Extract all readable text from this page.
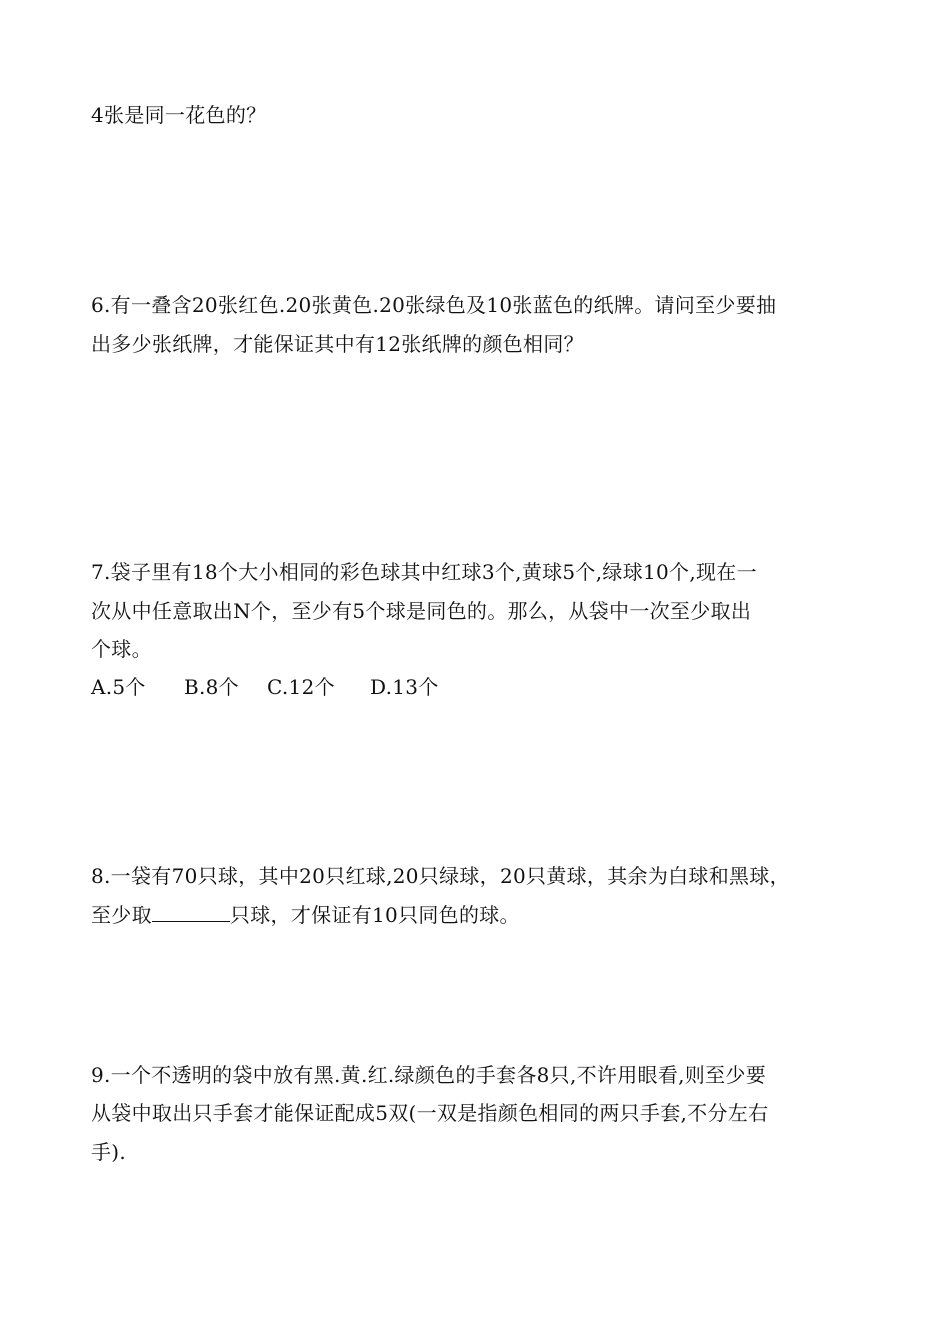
4张是同一花色的？
6.有一叠含20张红色.20张黄色.20张绿色及10张蓝色的纸牌。请问至少要抽
出多少张纸牌，才能保证其中有12张纸牌的颜色相同？
7.袋子里有18个大小相同的彩色球其中红球3个,黄球5个,绿球10个,现在一
次从中任意取出N个，至少有5个球是同色的。那么，从袋中一次至少取出
个球。
A.5个 B.8个 C.12个 D.13个
8.一袋有70只球，其中20只红球,20只绿球，20只黄球，其余为白球和黑球，
至少取	只球，才保证有10只同色的球。
9.一个不透明的袋中放有黑.黄.红.绿颜色的手套各8只,不许用眼看,则至少要
从袋中取出只手套才能保证配成5双(一双是指颜色相同的两只手套,不分左右
手).
